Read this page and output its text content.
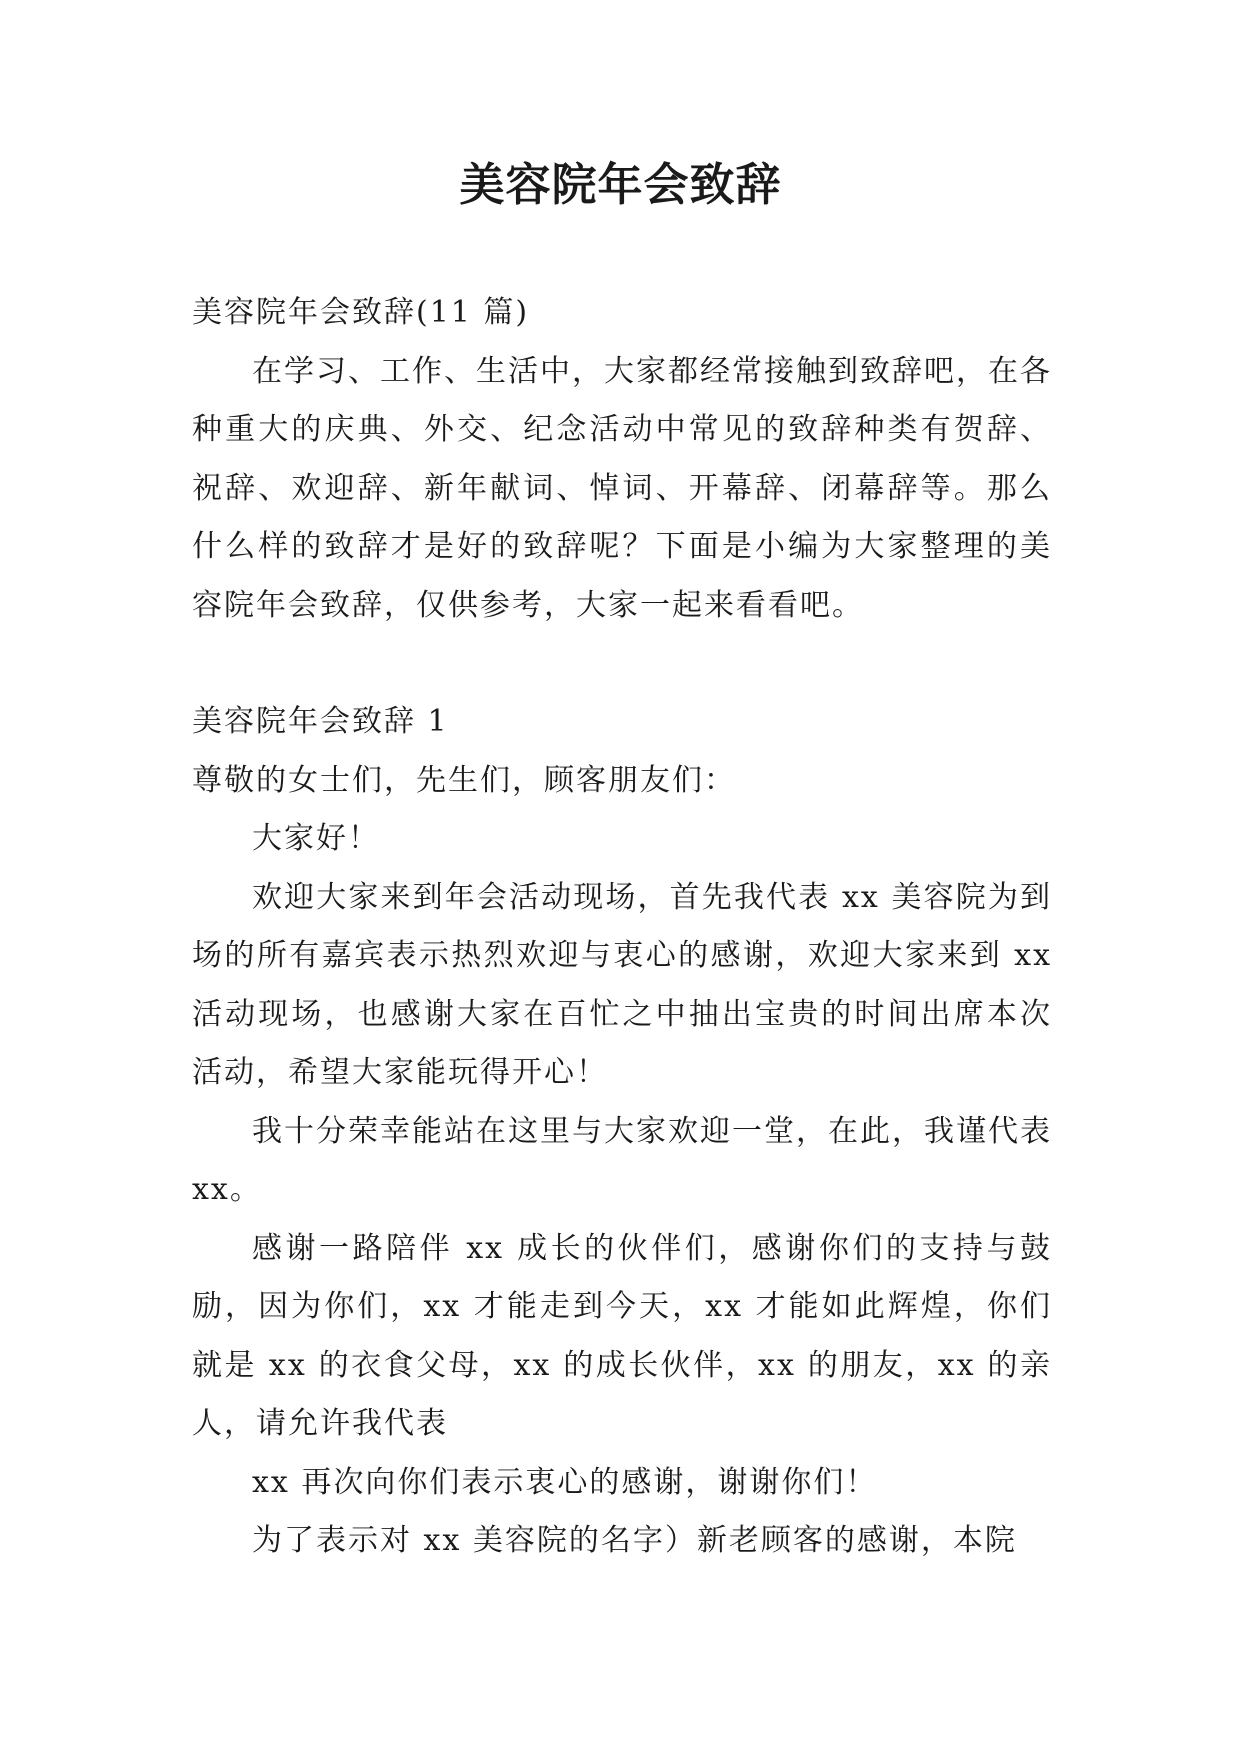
美容院年会致辞

美容院年会致辞(11 篇)

在学习、工作、生活中，大家都经常接触到致辞吧，在各种重大的庆典、外交、纪念活动中常见的致辞种类有贺辞、祝辞、欢迎辞、新年献词、悼词、开幕辞、闭幕辞等。那么什么样的致辞才是好的致辞呢？下面是小编为大家整理的美容院年会致辞，仅供参考，大家一起来看看吧。

美容院年会致辞 1

尊敬的女士们，先生们，顾客朋友们：

大家好！

欢迎大家来到年会活动现场，首先我代表 xx 美容院为到场的所有嘉宾表示热烈欢迎与衷心的感谢，欢迎大家来到 xx 活动现场，也感谢大家在百忙之中抽出宝贵的时间出席本次活动，希望大家能玩得开心！

我十分荣幸能站在这里与大家欢迎一堂，在此，我谨代表 xx。

感谢一路陪伴 xx 成长的伙伴们，感谢你们的支持与鼓励，因为你们，xx 才能走到今天，xx 才能如此辉煌，你们就是 xx 的衣食父母，xx 的成长伙伴，xx 的朋友，xx 的亲人，请允许我代表

xx 再次向你们表示衷心的感谢，谢谢你们！

为了表示对 xx 美容院的名字）新老顾客的感谢，本院
